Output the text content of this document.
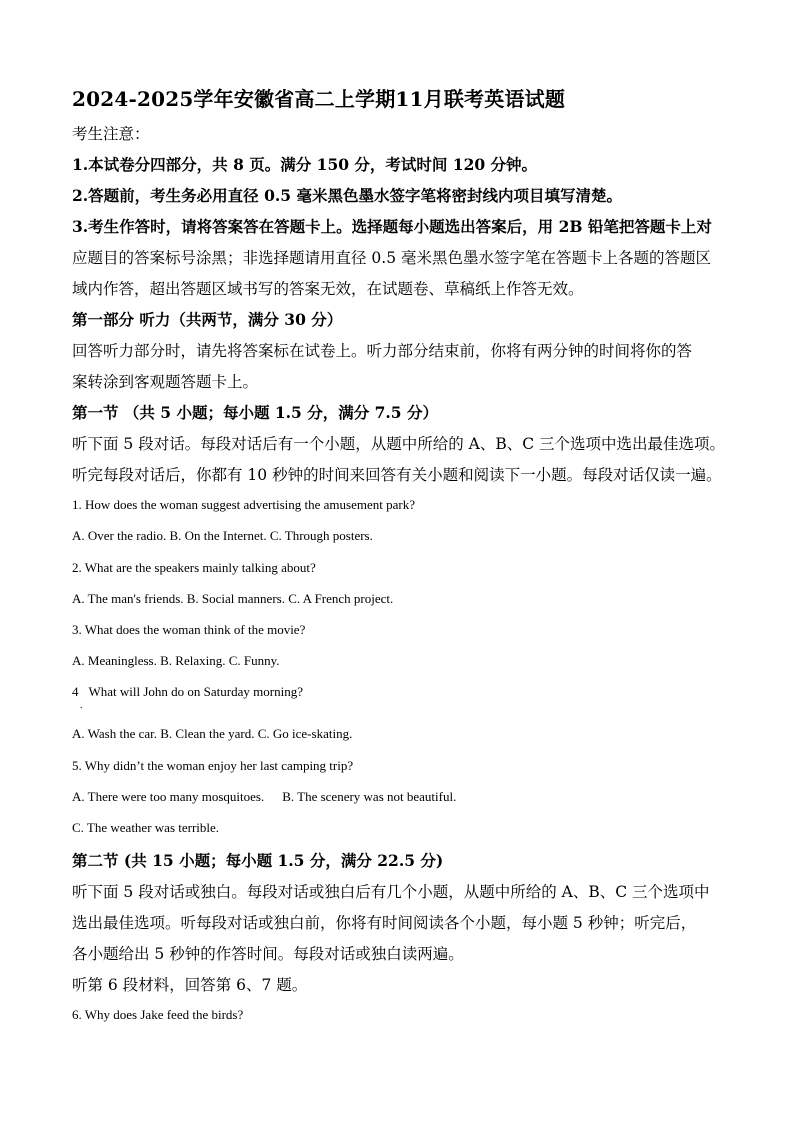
2024-2025学年安徽省高二上学期11月联考英语试题
考生注意：
1.本试卷分四部分，共 8 页。满分 150 分，考试时间 120 分钟。
2.答题前，考生务必用直径 0.5 毫米黑色墨水签字笔将密封线内项目填写清楚。
3.考生作答时，请将答案答在答题卡上。选择题每小题选出答案后，用 2B 铅笔把答题卡上对
应题目的答案标号涂黑；非选择题请用直径 0.5 毫米黑色墨水签字笔在答题卡上各题的答题区
域内作答，超出答题区域书写的答案无效，在试题卷、草稿纸上作答无效。
第一部分 听力（共两节，满分 30 分）
回答听力部分时，请先将答案标在试卷上。听力部分结束前，你将有两分钟的时间将你的答
案转涂到客观题答题卡上。
第一节 （共 5 小题；每小题 1.5 分，满分 7.5 分）
听下面 5 段对话。每段对话后有一个小题，从题中所给的 A、B、C 三个选项中选出最佳选项。
听完每段对话后，你都有 10 秒钟的时间来回答有关小题和阅读下一小题。每段对话仅读一遍。
1. How does the woman suggest advertising the amusement park?
A. Over the radio. B. On the Internet. C. Through posters.
2. What are the speakers mainly talking about?
A. The man's friends. B. Social manners. C. A French project.
3. What does the woman think of the movie?
A. Meaningless. B. Relaxing. C. Funny.
4 What will John do on Saturday morning?
.
A. Wash the car. B. Clean the yard. C. Go ice-skating.
5. Why didn’t the woman enjoy her last camping trip?
A. There were too many mosquitoes. B. The scenery was not beautiful.
C. The weather was terrible.
第二节 (共 15 小题；每小题 1.5 分，满分 22.5 分)
听下面 5 段对话或独白。每段对话或独白后有几个小题，从题中所给的 A、B、C 三个选项中
选出最佳选项。听每段对话或独白前，你将有时间阅读各个小题，每小题 5 秒钟；听完后，
各小题给出 5 秒钟的作答时间。每段对话或独白读两遍。
听第 6 段材料，回答第 6、7 题。
6. Why does Jake feed the birds?
